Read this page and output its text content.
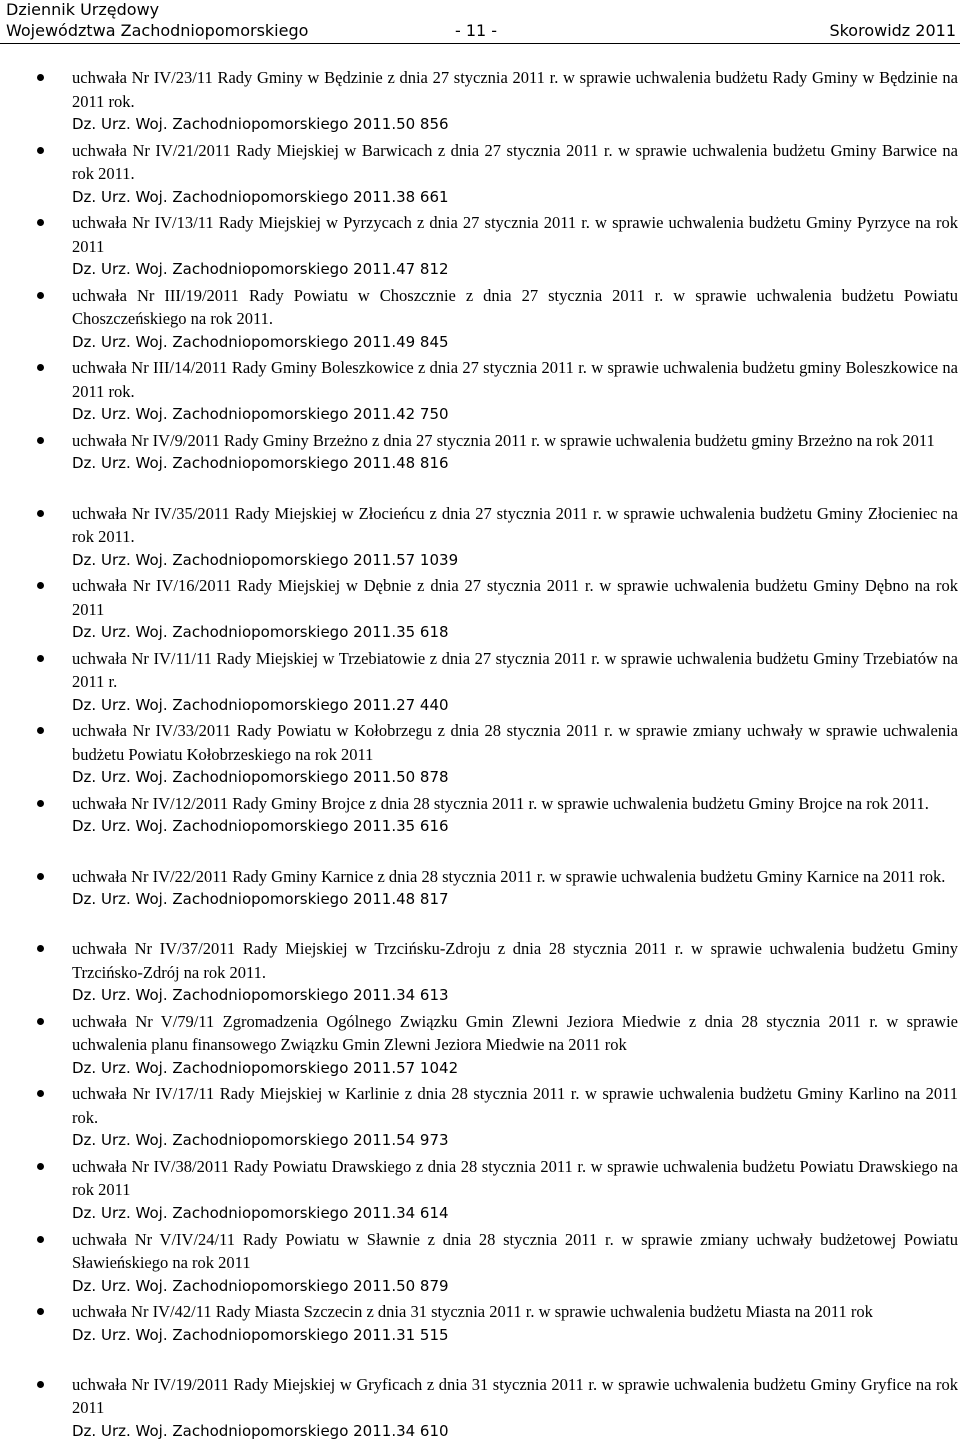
Dziennik Urzędowy
Województwa Zachodniopomorskiego	- 11 -	Skorowidz 2011
uchwała Nr IV/23/11 Rady Gminy w Będzinie z dnia 27 stycznia 2011 r. w sprawie uchwalenia budżetu Rady Gminy w Będzinie na 2011 rok.
Dz. Urz. Woj. Zachodniopomorskiego 2011.50 856
uchwała Nr IV/21/2011 Rady Miejskiej w Barwicach z dnia 27 stycznia 2011 r. w sprawie uchwalenia budżetu Gminy Barwice na rok 2011.
Dz. Urz. Woj. Zachodniopomorskiego 2011.38 661
uchwała Nr IV/13/11 Rady Miejskiej w Pyrzycach z dnia 27 stycznia 2011 r. w sprawie uchwalenia budżetu Gminy Pyrzyce na rok 2011
Dz. Urz. Woj. Zachodniopomorskiego 2011.47 812
uchwała Nr III/19/2011 Rady Powiatu w Choszcznie z dnia 27 stycznia 2011 r. w sprawie uchwalenia budżetu Powiatu Choszczeńskiego na rok 2011.
Dz. Urz. Woj. Zachodniopomorskiego 2011.49 845
uchwała Nr III/14/2011 Rady Gminy Boleszkowice z dnia 27 stycznia 2011 r. w sprawie uchwalenia budżetu gminy Boleszkowice na 2011 rok.
Dz. Urz. Woj. Zachodniopomorskiego 2011.42 750
uchwała Nr IV/9/2011 Rady Gminy Brzeżno z dnia 27 stycznia 2011 r. w sprawie uchwalenia budżetu gminy Brzeżno na rok 2011
Dz. Urz. Woj. Zachodniopomorskiego 2011.48 816
uchwała Nr IV/35/2011 Rady Miejskiej w Złocieńcu z dnia 27 stycznia 2011 r. w sprawie uchwalenia budżetu Gminy Złocieniec na rok 2011.
Dz. Urz. Woj. Zachodniopomorskiego 2011.57 1039
uchwała Nr IV/16/2011 Rady Miejskiej w Dębnie z dnia 27 stycznia 2011 r. w sprawie uchwalenia budżetu Gminy Dębno na rok 2011
Dz. Urz. Woj. Zachodniopomorskiego 2011.35 618
uchwała Nr IV/11/11 Rady Miejskiej w Trzebiatowie z dnia 27 stycznia 2011 r. w sprawie uchwalenia budżetu Gminy Trzebiatów na 2011 r.
Dz. Urz. Woj. Zachodniopomorskiego 2011.27 440
uchwała Nr IV/33/2011 Rady Powiatu w Kołobrzegu z dnia 28 stycznia 2011 r. w sprawie zmiany uchwały w sprawie uchwalenia budżetu Powiatu Kołobrzeskiego na rok 2011
Dz. Urz. Woj. Zachodniopomorskiego 2011.50 878
uchwała Nr IV/12/2011 Rady Gminy Brojce z dnia 28 stycznia 2011 r. w sprawie uchwalenia budżetu Gminy Brojce na rok 2011.
Dz. Urz. Woj. Zachodniopomorskiego 2011.35 616
uchwała Nr IV/22/2011 Rady Gminy Karnice z dnia 28 stycznia 2011 r. w sprawie uchwalenia budżetu Gminy Karnice na 2011 rok.
Dz. Urz. Woj. Zachodniopomorskiego 2011.48 817
uchwała Nr IV/37/2011 Rady Miejskiej w Trzcińsku-Zdroju z dnia 28 stycznia 2011 r. w sprawie uchwalenia budżetu Gminy Trzcińsko-Zdrój na rok 2011.
Dz. Urz. Woj. Zachodniopomorskiego 2011.34 613
uchwała Nr V/79/11 Zgromadzenia Ogólnego Związku Gmin Zlewni Jeziora Miedwie z dnia 28 stycznia 2011 r. w sprawie uchwalenia planu finansowego Związku Gmin Zlewni Jeziora Miedwie na 2011 rok
Dz. Urz. Woj. Zachodniopomorskiego 2011.57 1042
uchwała Nr IV/17/11 Rady Miejskiej w Karlinie z dnia 28 stycznia 2011 r. w sprawie uchwalenia budżetu Gminy Karlino na 2011 rok.
Dz. Urz. Woj. Zachodniopomorskiego 2011.54 973
uchwała Nr IV/38/2011 Rady Powiatu Drawskiego z dnia 28 stycznia 2011 r. w sprawie uchwalenia budżetu Powiatu Drawskiego na rok 2011
Dz. Urz. Woj. Zachodniopomorskiego 2011.34 614
uchwała Nr V/IV/24/11 Rady Powiatu w Sławnie z dnia 28 stycznia 2011 r. w sprawie zmiany uchwały budżetowej Powiatu Sławieńskiego na rok 2011
Dz. Urz. Woj. Zachodniopomorskiego 2011.50 879
uchwała Nr IV/42/11 Rady Miasta Szczecin z dnia 31 stycznia 2011 r. w sprawie uchwalenia budżetu Miasta na 2011 rok
Dz. Urz. Woj. Zachodniopomorskiego 2011.31 515
uchwała Nr IV/19/2011 Rady Miejskiej w Gryficach z dnia 31 stycznia 2011 r. w sprawie uchwalenia budżetu Gminy Gryfice na rok 2011
Dz. Urz. Woj. Zachodniopomorskiego 2011.34 610
